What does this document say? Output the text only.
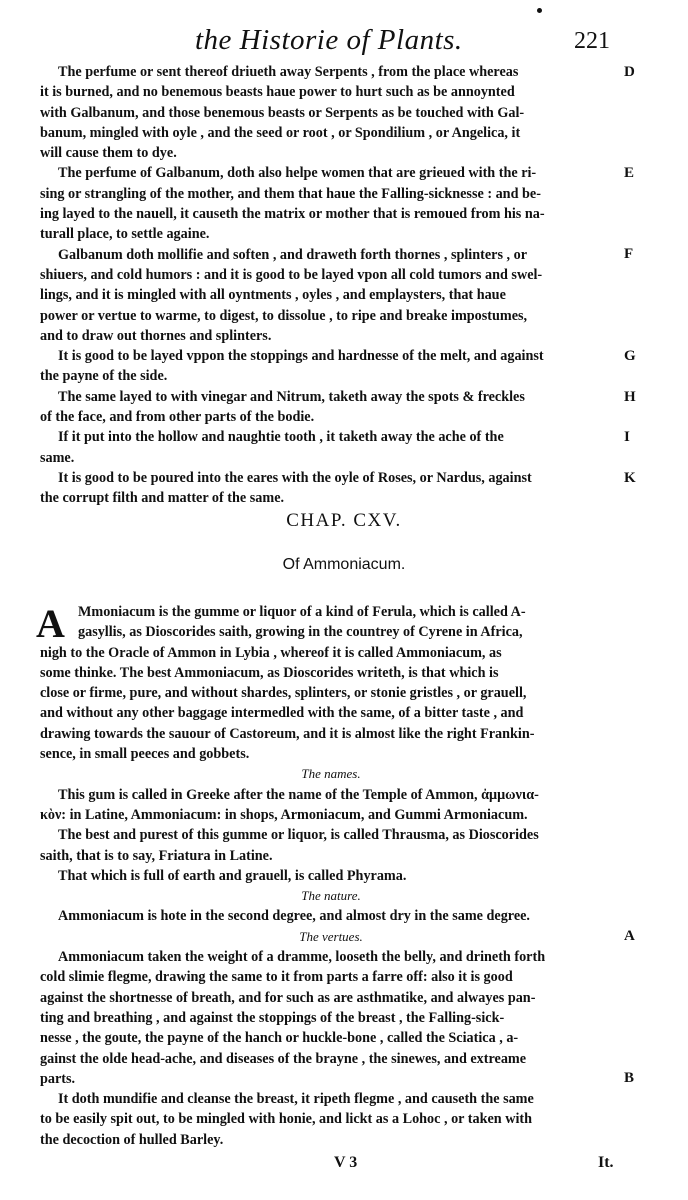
the Historie of Plants.	221
The perfume or sent thereof driueth away Serpents , from the place whereas
it is burned, and no benemous beasts haue power to hurt such as be annoynted
with Galbanum, and those benemous beasts or Serpents as be touched with Gal-
banum, mingled with oyle , and the seed or root , or Spondilium , or Angelica, it
will cause them to dye.
The perfume of Galbanum, doth also helpe women that are grieued with the ri-
sing or strangling of the mother, and them that haue the Falling-sicknesse : and be-
ing layed to the nauell, it causeth the matrix or mother that is remoued from his na-
turall place, to settle againe.
Galbanum doth mollifie and soften , and draweth forth thornes , splinters , or
shiuers, and cold humors : and it is good to be layed vpon all cold tumors and swel-
lings, and it is mingled with all oyntments , oyles , and emplaysters, that haue
power or vertue to warme, to digest, to dissolue , to ripe and breake impostumes,
and to draw out thornes and splinters.
It is good to be layed vppon the stoppings and hardnesse of the melt, and against
the payne of the side.
The same layed to with vinegar and Nitrum, taketh away the spots & freckles
of the face, and from other parts of the bodie.
If it put into the hollow and naughtie tooth , it taketh away the ache of the
same.
It is good to be poured into the eares with the oyle of Roses, or Nardus, against
the corrupt filth and matter of the same.
D
E
F
G
H
I
K
CHAP. CXV.
Of Ammoniacum.
A Mmoniacum is the gumme or liquor of a kind of Ferula, which is called A-
gasyllis, as Dioscorides saith, growing in the countrey of Cyrene in Africa,
nigh to the Oracle of Ammon in Lybia , whereof it is called Ammoniacum, as
some thinke. The best Ammoniacum, as Dioscorides writeth, is that which is
close or firme, pure, and without shardes, splinters, or stonie gristles , or grauell,
and without any other baggage intermedled with the same, of a bitter taste , and
drawing towards the sauour of Castoreum, and it is almost like the right Frankin-
sence, in small peeces and gobbets.
The names.
This gum is called in Greeke after the name of the Temple of Ammon, ἀμμωνια-
κὸν: in Latine, Ammoniacum: in shops, Armoniacum, and Gummi Armoniacum.
The best and purest of this gumme or liquor, is called Thrausma, as Dioscorides
saith, that is to say, Friatura in Latine.
That which is full of earth and grauell, is called Phyrama.
The nature.
Ammoniacum is hote in the second degree, and almost dry in the same degree.
The vertues.
Ammoniacum taken the weight of a dramme, looseth the belly, and drineth forth
cold slimie flegme, drawing the same to it from parts a farre off: also it is good
against the shortnesse of breath, and for such as are asthmatike, and alwayes pan-
ting and breathing , and against the stoppings of the breast , the Falling-sick-
nesse , the goute, the payne of the hanch or huckle-bone , called the Sciatica , a-
gainst the olde head-ache, and diseases of the brayne , the sinewes, and extreame
parts.
It doth mundifie and cleanse the breast, it ripeth flegme , and causeth the same
to be easily spit out, to be mingled with honie, and lickt as a Lohoc , or taken with
the decoction of hulled Barley.
A
B
V 3	It.
